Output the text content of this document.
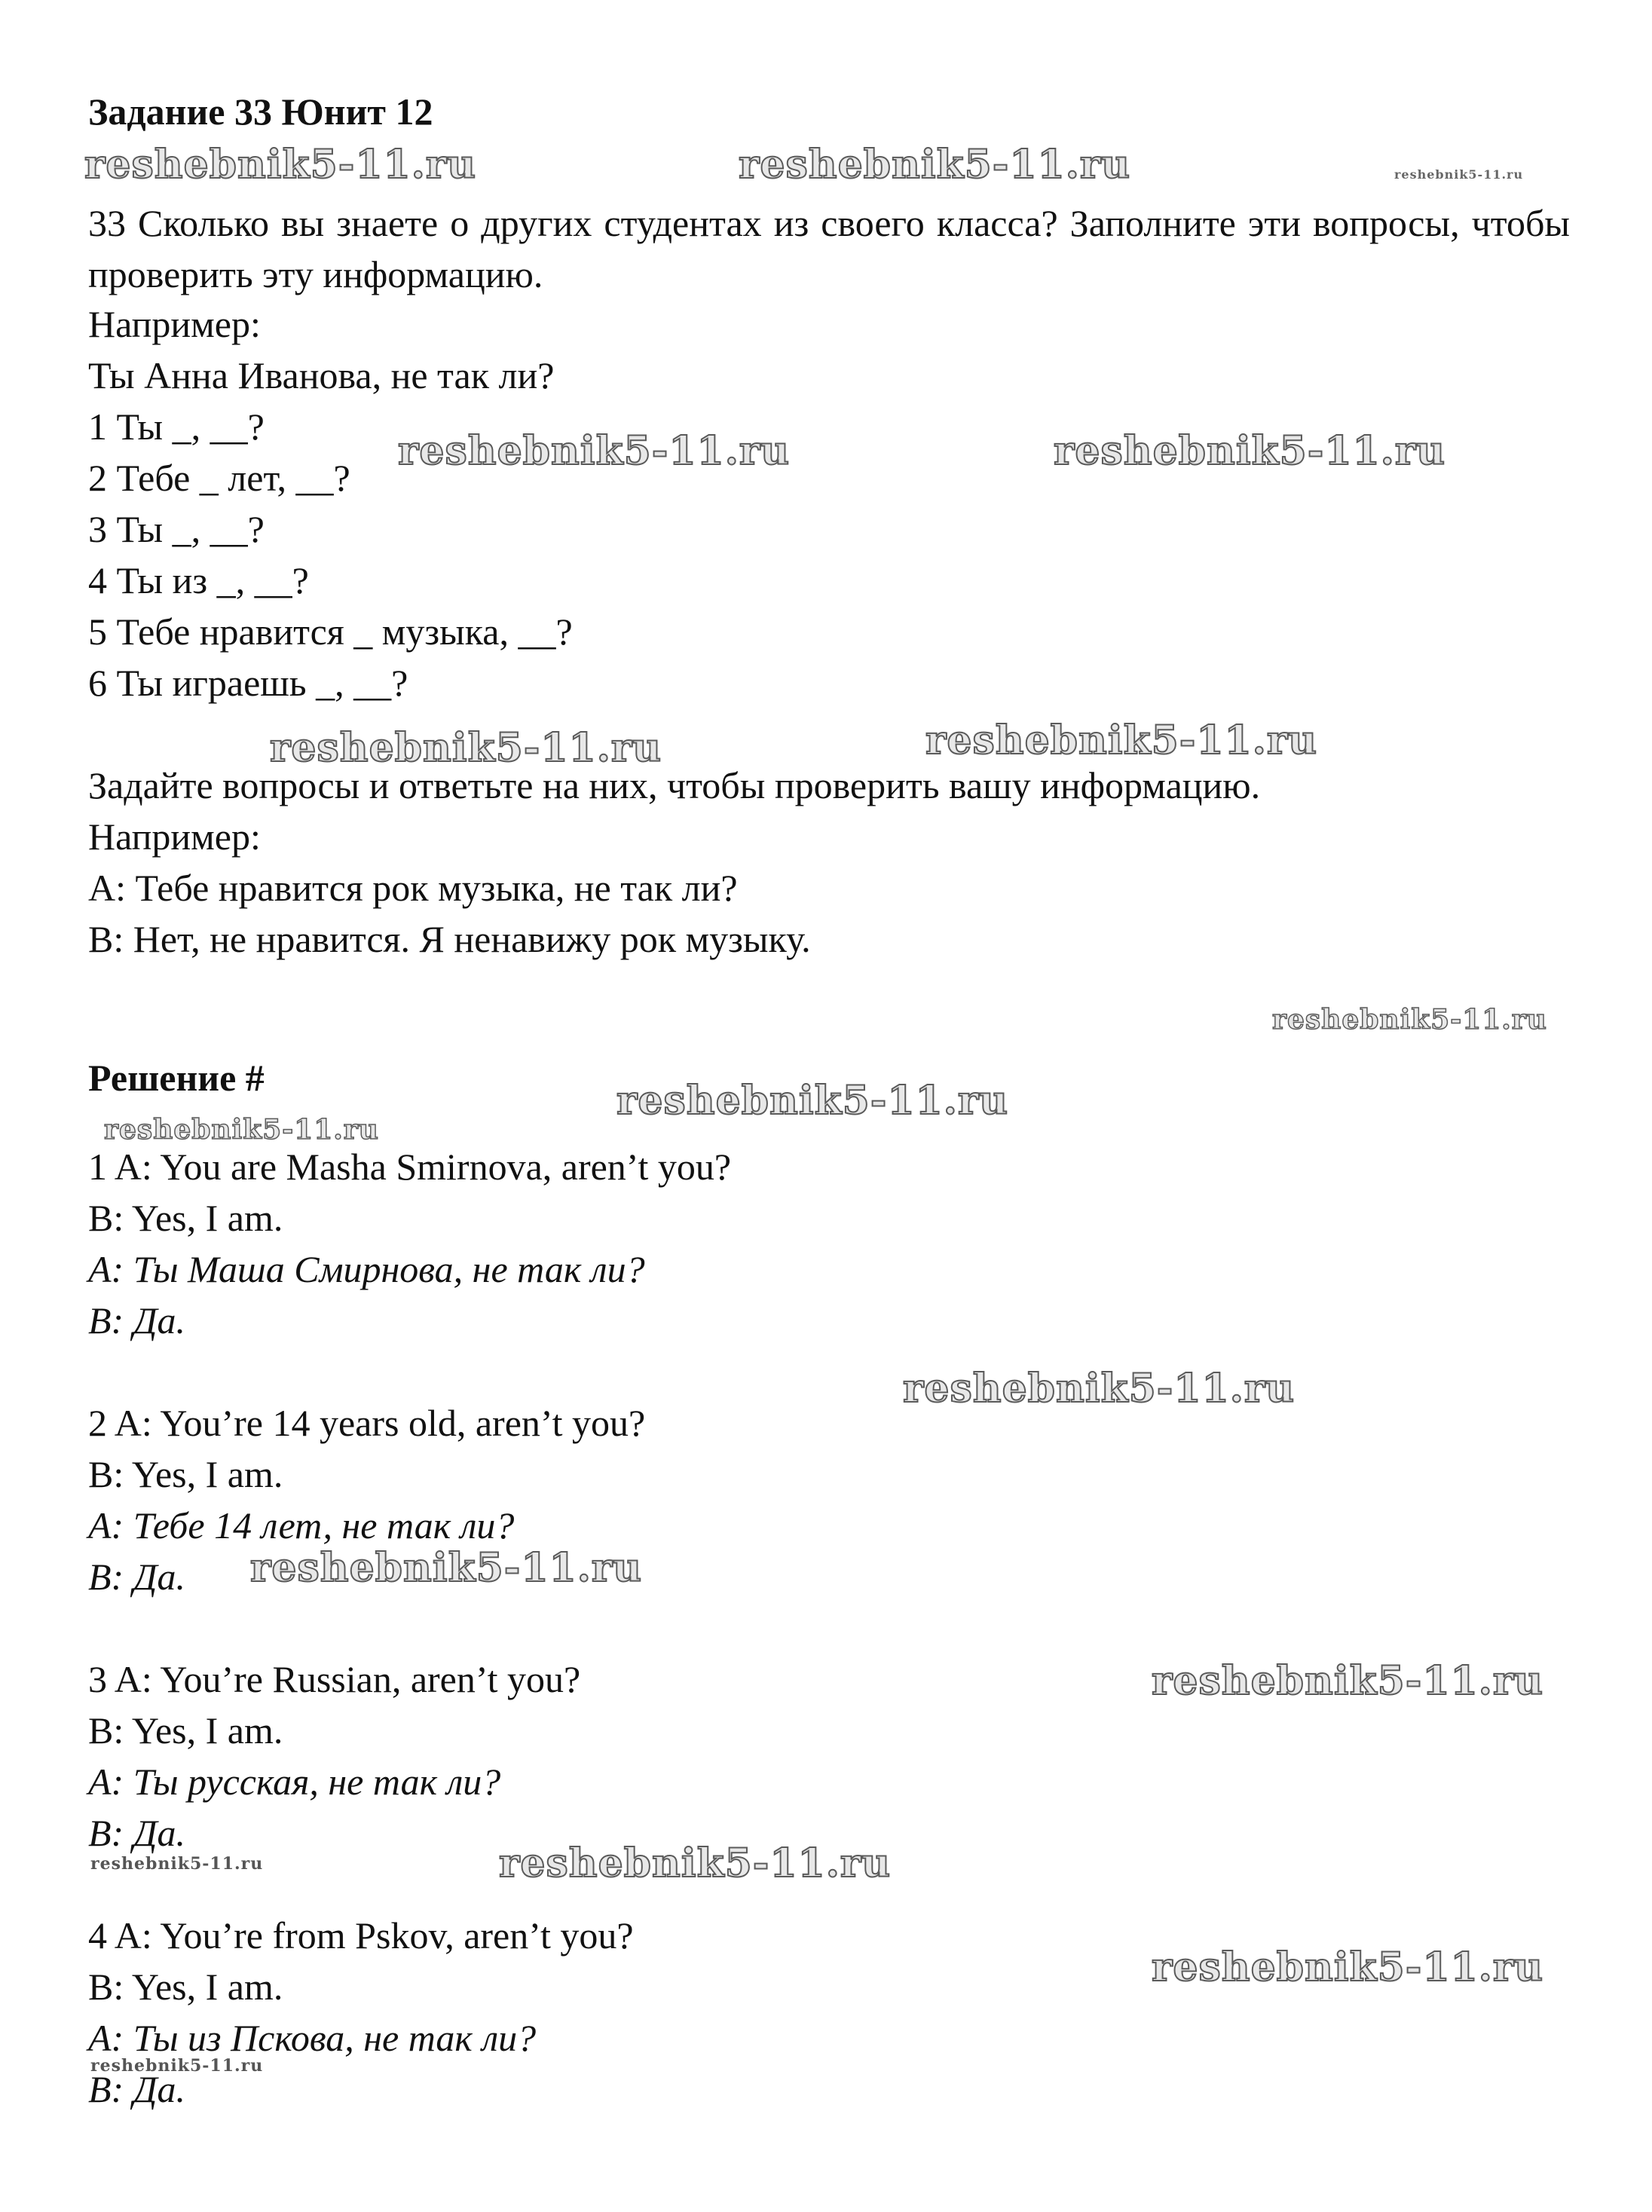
Задание 33 Юнит 12
33 Сколько вы знаете о других студентах из своего класса? Заполните эти вопросы, чтобы проверить эту информацию.
Например:
Ты Анна Иванова, не так ли?
1 Ты _, __?
2 Тебе _ лет, __?
3 Ты _, __?
4 Ты из _, __?
5 Тебе нравится _ музыка, __?
6 Ты играешь _, __?
Задайте вопросы и ответьте на них, чтобы проверить вашу информацию.
Например:
A: Тебе нравится рок музыка, не так ли?
B: Нет, не нравится. Я ненавижу рок музыку.
Решение #
1 A: You are Masha Smirnova, aren’t you?
B: Yes, I am.
A: Ты Маша Смирнова, не так ли?
B: Да.
2 A: You’re 14 years old, aren’t you?
B: Yes, I am.
A: Тебе 14 лет, не так ли?
B: Да.
3 A: You’re Russian, aren’t you?
B: Yes, I am.
A: Ты русская, не так ли?
B: Да.
4 A: You’re from Pskov, aren’t you?
B: Yes, I am.
A: Ты из Пскова, не так ли?
B: Да.
reshebnik5-11.ru	reshebnik5-11.ru	reshebnik5-11.ru
reshebnik5-11.ru	reshebnik5-11.ru
reshebnik5-11.ru	reshebnik5-11.ru
reshebnik5-11.ru
reshebnik5-11.ru
reshebnik5-11.ru
reshebnik5-11.ru
reshebnik5-11.ru
reshebnik5-11.ru
reshebnik5-11.ru
reshebnik5-11.ru
reshebnik5-11.ru
reshebnik5-11.ru
